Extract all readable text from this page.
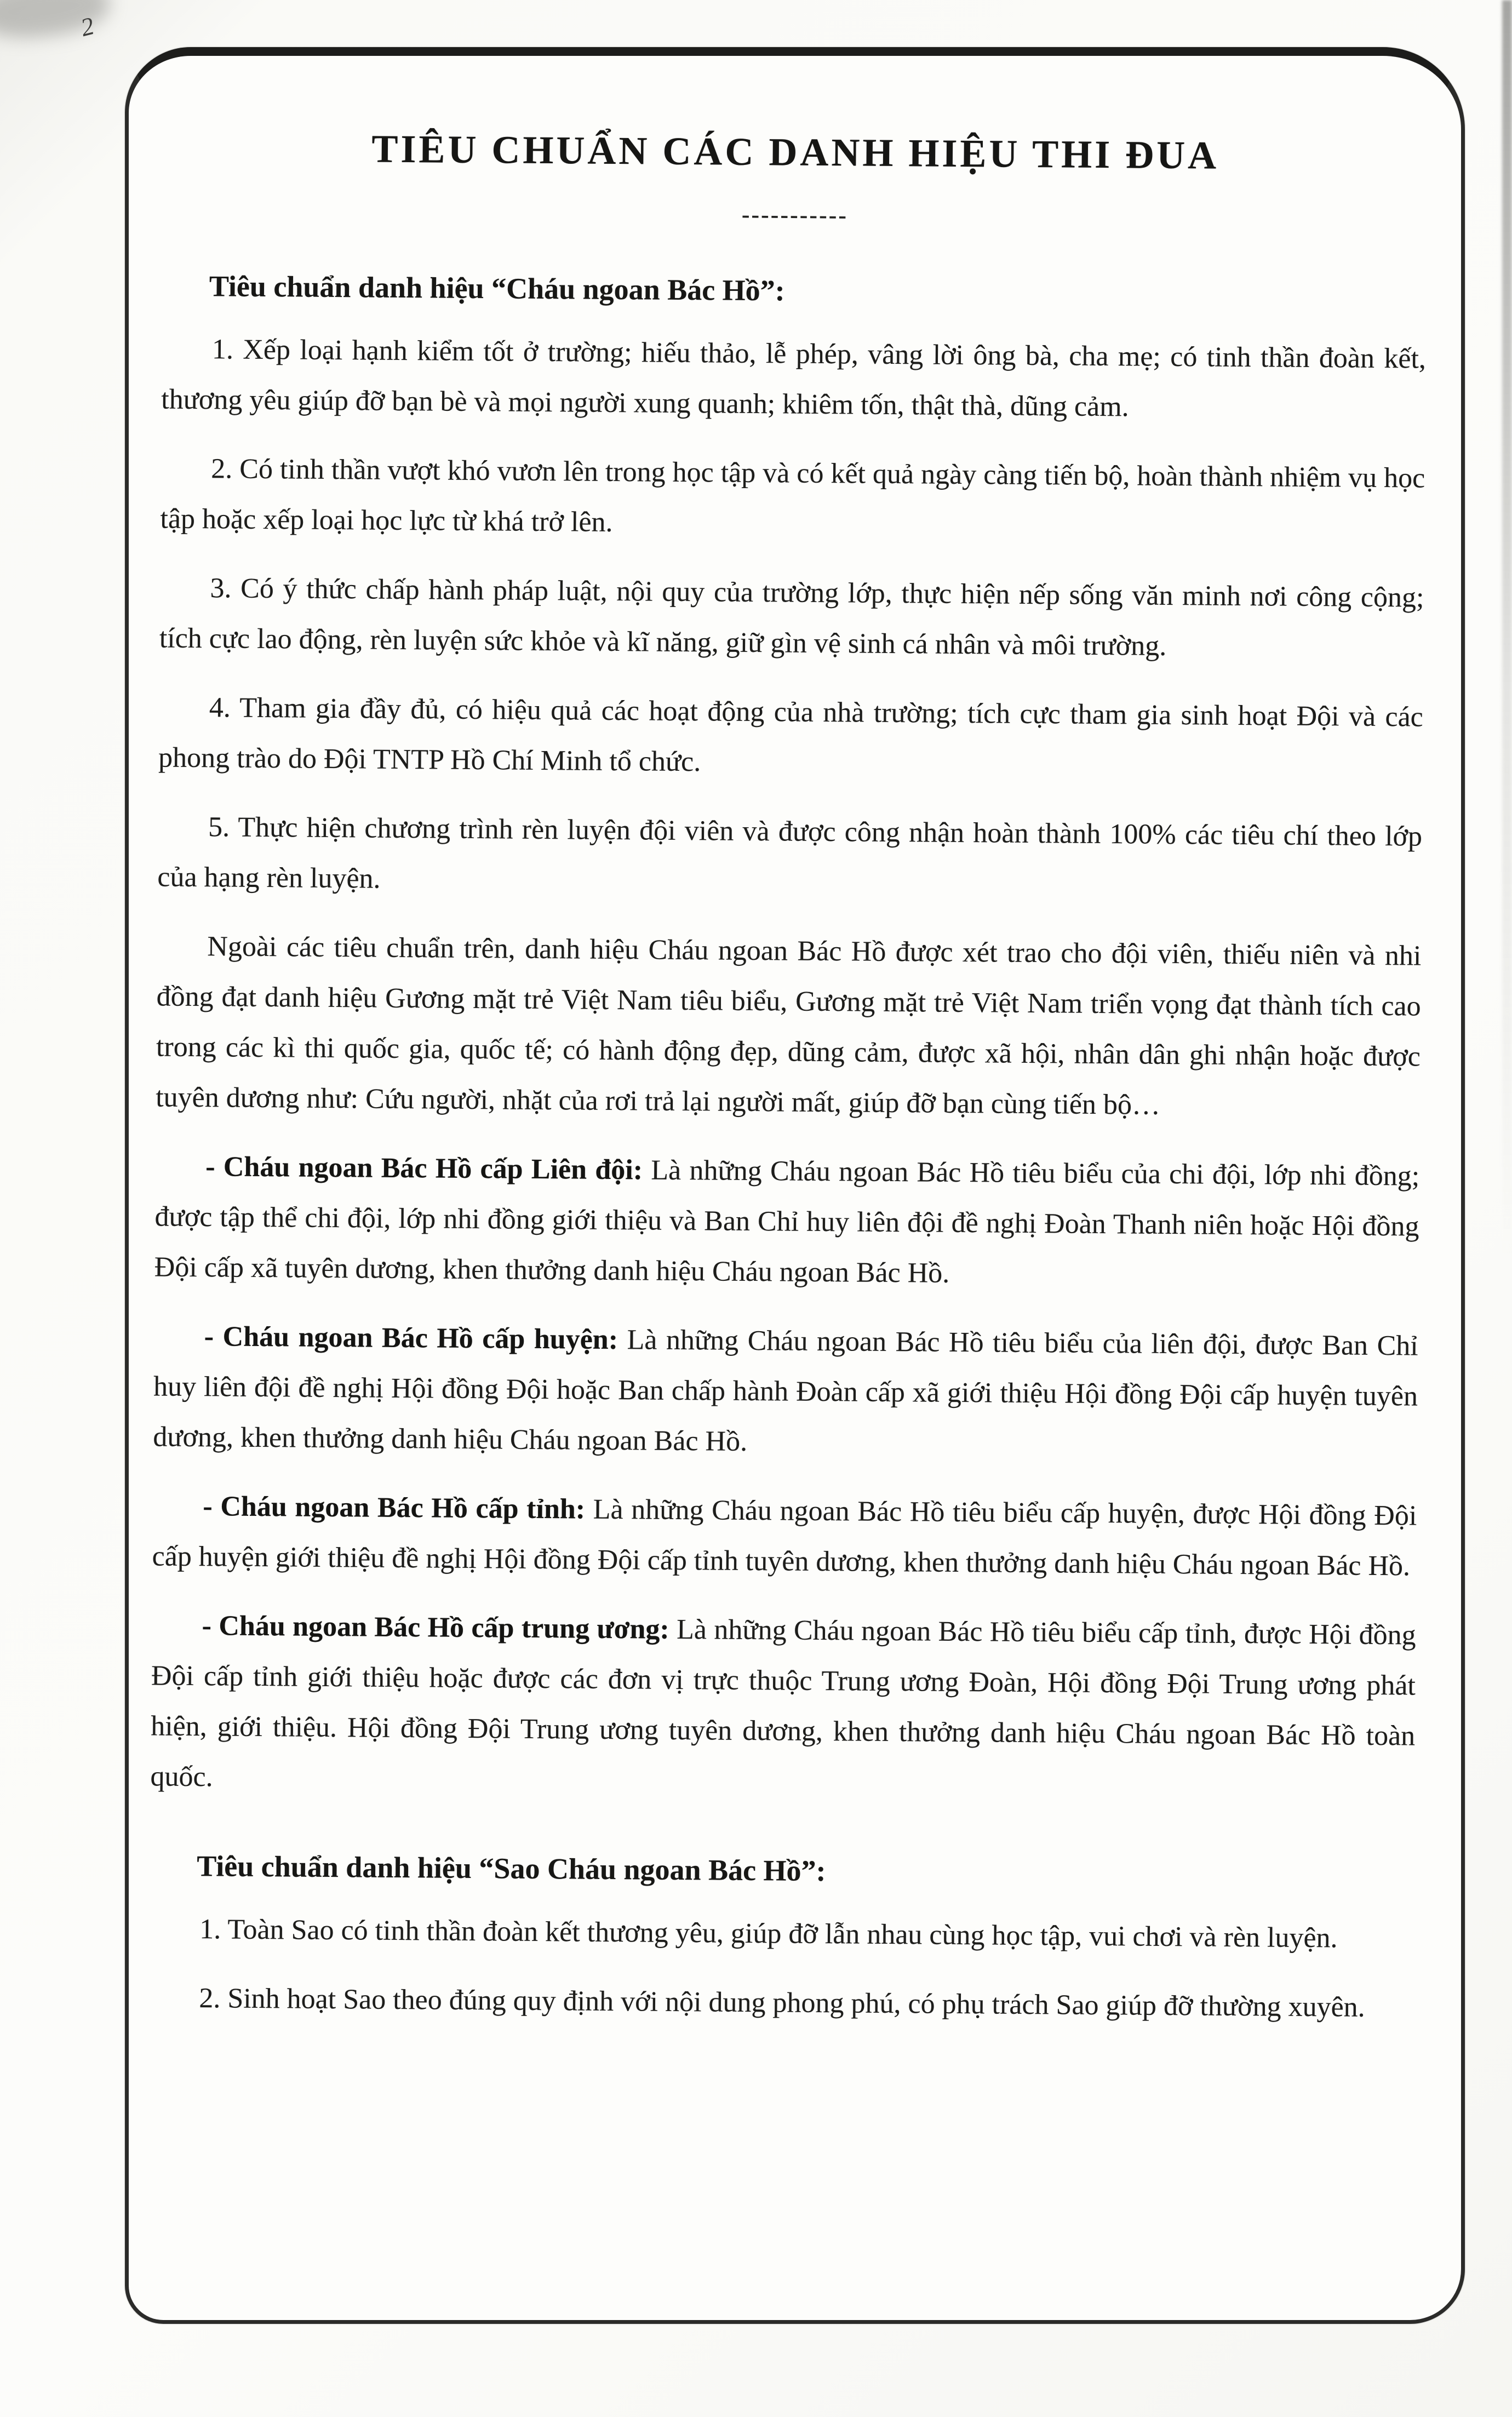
2
TIÊU CHUẨN CÁC DANH HIỆU THI ĐUA
-----------
Tiêu chuẩn danh hiệu “Cháu ngoan Bác Hồ”:

1. Xếp loại hạnh kiểm tốt ở trường; hiếu thảo, lễ phép, vâng lời ông bà, cha mẹ; có tinh thần đoàn kết, thương yêu giúp đỡ bạn bè và mọi người xung quanh; khiêm tốn, thật thà, dũng cảm.

2. Có tinh thần vượt khó vươn lên trong học tập và có kết quả ngày càng tiến bộ, hoàn thành nhiệm vụ học tập hoặc xếp loại học lực từ khá trở lên.

3. Có ý thức chấp hành pháp luật, nội quy của trường lớp, thực hiện nếp sống văn minh nơi công cộng; tích cực lao động, rèn luyện sức khỏe và kĩ năng, giữ gìn vệ sinh cá nhân và môi trường.

4. Tham gia đầy đủ, có hiệu quả các hoạt động của nhà trường; tích cực tham gia sinh hoạt Đội và các phong trào do Đội TNTP Hồ Chí Minh tổ chức.

5. Thực hiện chương trình rèn luyện đội viên và được công nhận hoàn thành 100% các tiêu chí theo lớp của hạng rèn luyện.

Ngoài các tiêu chuẩn trên, danh hiệu Cháu ngoan Bác Hồ được xét trao cho đội viên, thiếu niên và nhi đồng đạt danh hiệu Gương mặt trẻ Việt Nam tiêu biểu, Gương mặt trẻ Việt Nam triển vọng đạt thành tích cao trong các kì thi quốc gia, quốc tế; có hành động đẹp, dũng cảm, được xã hội, nhân dân ghi nhận hoặc được tuyên dương như: Cứu người, nhặt của rơi trả lại người mất, giúp đỡ bạn cùng tiến bộ…

- Cháu ngoan Bác Hồ cấp Liên đội: Là những Cháu ngoan Bác Hồ tiêu biểu của chi đội, lớp nhi đồng; được tập thể chi đội, lớp nhi đồng giới thiệu và Ban Chỉ huy liên đội đề nghị Đoàn Thanh niên hoặc Hội đồng Đội cấp xã tuyên dương, khen thưởng danh hiệu Cháu ngoan Bác Hồ.

- Cháu ngoan Bác Hồ cấp huyện: Là những Cháu ngoan Bác Hồ tiêu biểu của liên đội, được Ban Chỉ huy liên đội đề nghị Hội đồng Đội hoặc Ban chấp hành Đoàn cấp xã giới thiệu Hội đồng Đội cấp huyện tuyên dương, khen thưởng danh hiệu Cháu ngoan Bác Hồ.

- Cháu ngoan Bác Hồ cấp tỉnh: Là những Cháu ngoan Bác Hồ tiêu biểu cấp huyện, được Hội đồng Đội cấp huyện giới thiệu đề nghị Hội đồng Đội cấp tỉnh tuyên dương, khen thưởng danh hiệu Cháu ngoan Bác Hồ.

- Cháu ngoan Bác Hồ cấp trung ương: Là những Cháu ngoan Bác Hồ tiêu biểu cấp tỉnh, được Hội đồng Đội cấp tỉnh giới thiệu hoặc được các đơn vị trực thuộc Trung ương Đoàn, Hội đồng Đội Trung ương phát hiện, giới thiệu. Hội đồng Đội Trung ương tuyên dương, khen thưởng danh hiệu Cháu ngoan Bác Hồ toàn quốc.

Tiêu chuẩn danh hiệu “Sao Cháu ngoan Bác Hồ”:

1. Toàn Sao có tinh thần đoàn kết thương yêu, giúp đỡ lẫn nhau cùng học tập, vui chơi và rèn luyện.

2. Sinh hoạt Sao theo đúng quy định với nội dung phong phú, có phụ trách Sao giúp đỡ thường xuyên.
